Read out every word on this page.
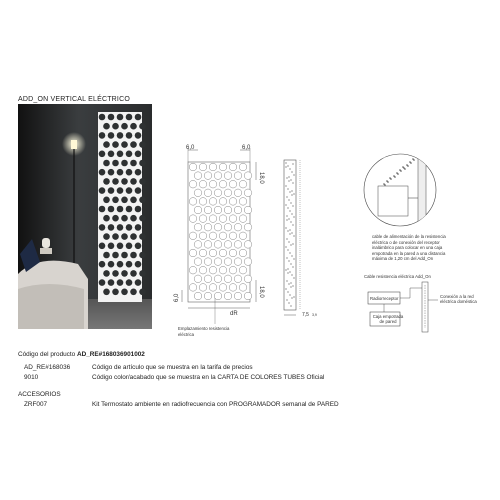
ADD_ON VERTICAL ELÉCTRICO
6,0	6,0
18,0
18,0
6,0
dR
Emplazamiento resistencia eléctrica
7,5 3,9
cable de alimentación de la resistencia eléctrica o de conexión del receptor inalámbrico para colocar en una caja empotrada en la pared a una distancia máxima de 1,20 cm del Add_On
Cable resistencia eléctrica Add_On
Radiorreceptor	Conexión a la red eléctrica doméstica
Caja empotrada de pared
Código del producto AD_RE#168036901002
AD_RE#168036	Código de artículo que se muestra en la tarifa de precios
9010	Código color/acabado que se muestra en la CARTA DE COLORES TUBES Oficial
ACCESORIOS
ZRF007	Kit Termostato ambiente en radiofrecuencia con PROGRAMADOR semanal de PARED
